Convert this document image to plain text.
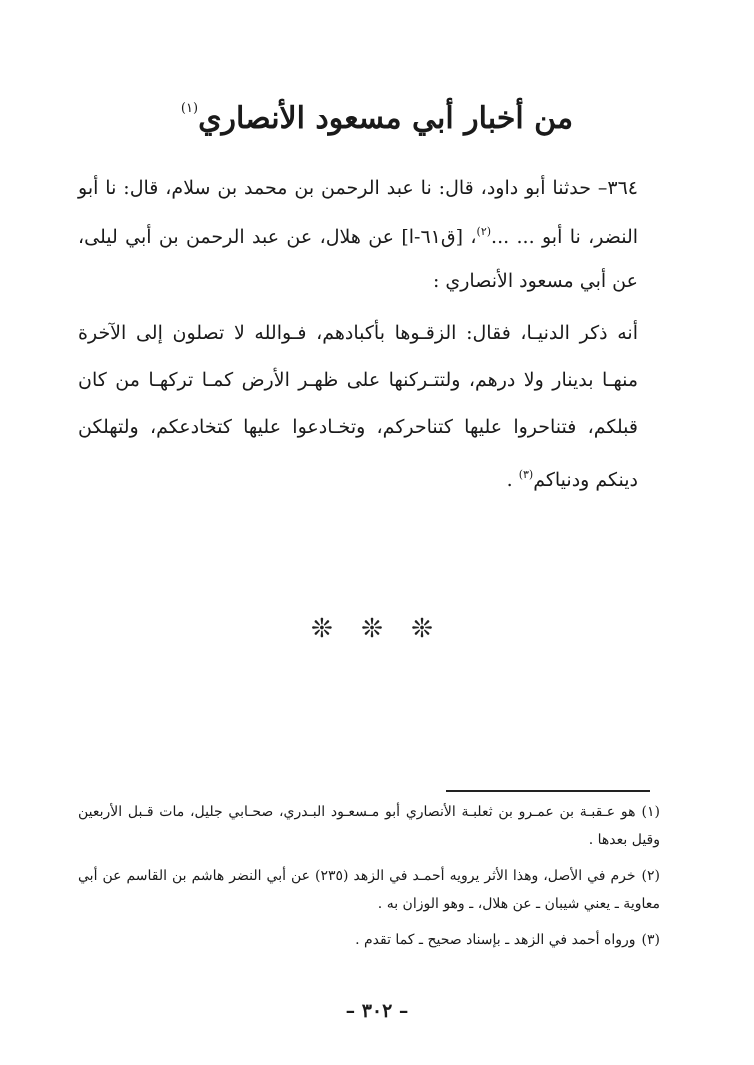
من أخبار أبي مسعود الأنصاري$^{(١)}$

٣٦٤– حدثنا أبو داود، قال: نا عبد الرحمن بن محمد بن سلام، قال: نا أبو النضر، نا أبو ... ...$^{(٢)}$، [ق٦١-ا] عن هلال، عن عبد الرحمن بن أبي ليلى، عن أبي مسعود الأنصاري :

أنه ذكر الدنيـا، فقال: الزقـوها بأكبادهم، فـوالله لا تصلون إلى الآخرة منهـا بدينار ولا درهم، ولتتـركنها على ظهـر الأرض كمـا تركهـا من كان قبلكم، فتناحروا عليها كتناحركم، وتخـادعوا عليها كتخادعكم، ولتهلكن دينكم ودنياكم$^{(٣)}$ .

❊ ❊ ❊
(١)هو عـقبـة بن عمـرو بن ثعلبـة الأنصاري أبو مـسعـود البـدري، صحـابي جليل، مات قـبل الأربعين وقيل بعدها .
(٢)خرم في الأصل، وهذا الأثر يرويه أحمـد في الزهد (٢٣٥) عن أبي النضر هاشم بن القاسم عن أبي معاوية ـ يعني شيبان ـ عن هلال، ـ وهو الوزان به .
(٣)ورواه أحمد في الزهد ـ بإسناد صحيح ـ كما تقدم .
– ٣٠٢ –
